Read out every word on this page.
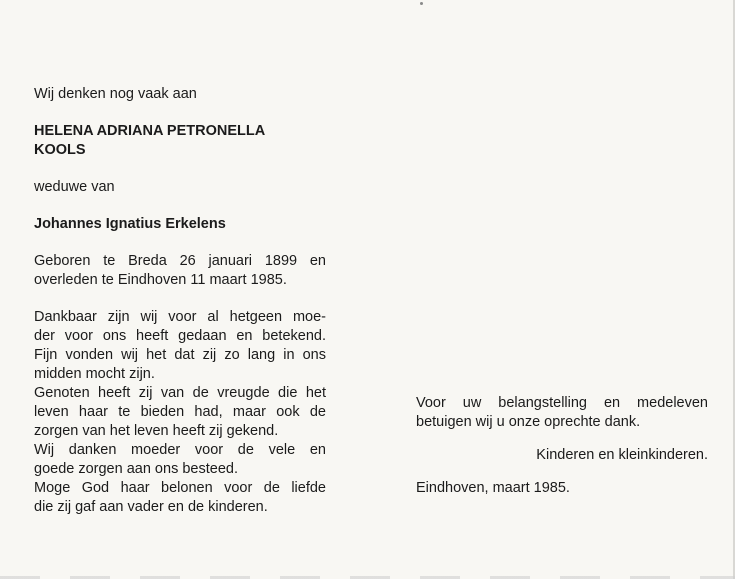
Wij denken nog vaak aan
HELENA ADRIANA PETRONELLA
KOOLS
weduwe van
Johannes Ignatius Erkelens
Geboren te Breda 26 januari 1899 en
overleden te Eindhoven 11 maart 1985.
Dankbaar zijn wij voor al hetgeen moe-
der voor ons heeft gedaan en betekend.
Fijn vonden wij het dat zij zo lang in ons
midden mocht zijn.
Genoten heeft zij van de vreugde die het
leven haar te bieden had, maar ook de
zorgen van het leven heeft zij gekend.
Wij danken moeder voor de vele en
goede zorgen aan ons besteed.
Moge God haar belonen voor de liefde
die zij gaf aan vader en de kinderen.
Voor uw belangstelling en medeleven
betuigen wij u onze oprechte dank.
Kinderen en kleinkinderen.
Eindhoven, maart 1985.
